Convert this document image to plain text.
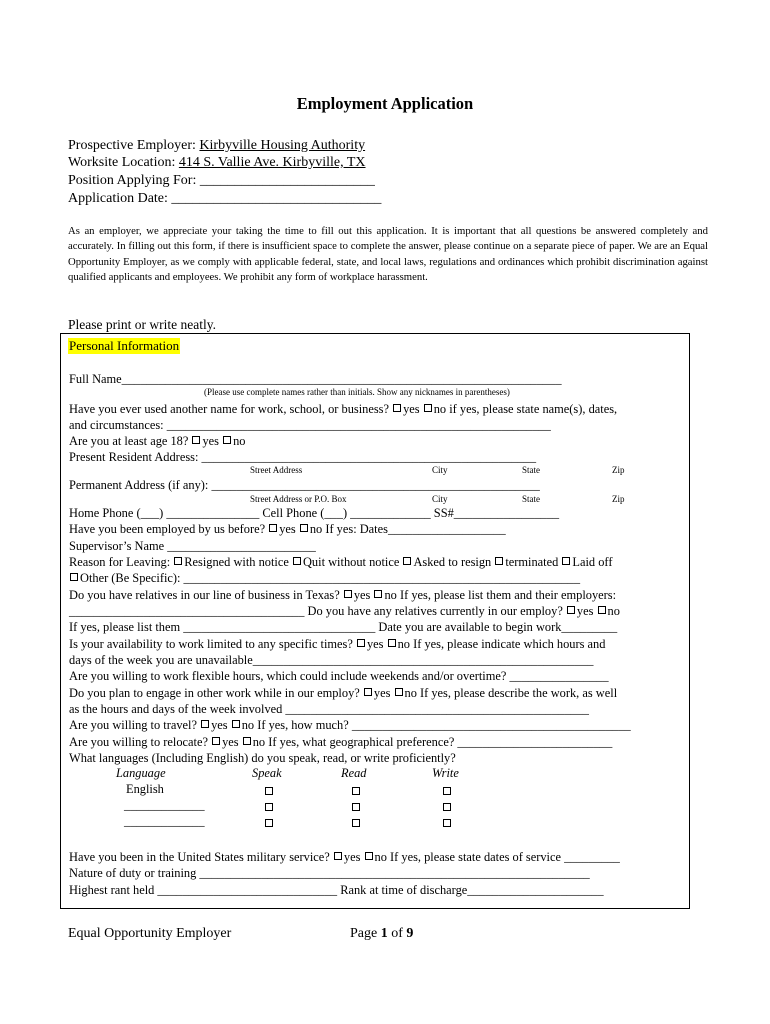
Employment Application
Prospective Employer: Kirbyville Housing Authority
Worksite Location: 414 S. Vallie Ave. Kirbyville, TX
Position Applying For: _________________________
Application Date: ______________________________
As an employer, we appreciate your taking the time to fill out this application. It is important that all questions be answered completely and accurately. In filling out this form, if there is insufficient space to complete the answer, please continue on a separate piece of paper. We are an Equal Opportunity Employer, as we comply with applicable federal, state, and local laws, regulations and ordinances which prohibit discrimination against qualified applicants and employees. We prohibit any form of workplace harassment.
Please print or write neatly.
Personal Information
Full Name_______________________________________________________________________
(Please use complete names rather than initials. Show any nicknames in parentheses)
Have you ever used another name for work, school, or business? yes no if yes, please state name(s), dates,
and circumstances: ______________________________________________________________
Are you at least age 18? yes no
Present Resident Address: ______________________________________________________
Street Address	City	State	Zip
Permanent Address (if any): _____________________________________________________
Street Address or P.O. Box	City	State	Zip
Home Phone (___) _______________ Cell Phone (___) _____________ SS#_________________
Have you been employed by us before? yes no If yes: Dates___________________
Supervisor’s Name ________________________
Reason for Leaving: Resigned with notice Quit without notice Asked to resign terminated Laid off
Other (Be Specific): ________________________________________________________________
Do you have relatives in our line of business in Texas? yes no If yes, please list them and their employers:
______________________________________ Do you have any relatives currently in our employ? yes no
If yes, please list them _______________________________ Date you are available to begin work_________
Is your availability to work limited to any specific times? yes no If yes, please indicate which hours and
days of the week you are unavailable_______________________________________________________
Are you willing to work flexible hours, which could include weekends and/or overtime? ________________
Do you plan to engage in other work while in our employ? yes no If yes, please describe the work, as well
as the hours and days of the week involved _________________________________________________
Are you willing to travel? yes no If yes, how much? _____________________________________________
Are you willing to relocate? yes no If yes, what geographical preference? _________________________
What languages (Including English) do you speak, read, or write proficiently?
Language	Speak	Read	Write
English
_____________
_____________
Have you been in the United States military service? yes no If yes, please state dates of service _________
Nature of duty or training _______________________________________________________________
Highest rant held _____________________________ Rank at time of discharge______________________
Equal Opportunity Employer	Page 1 of 9
